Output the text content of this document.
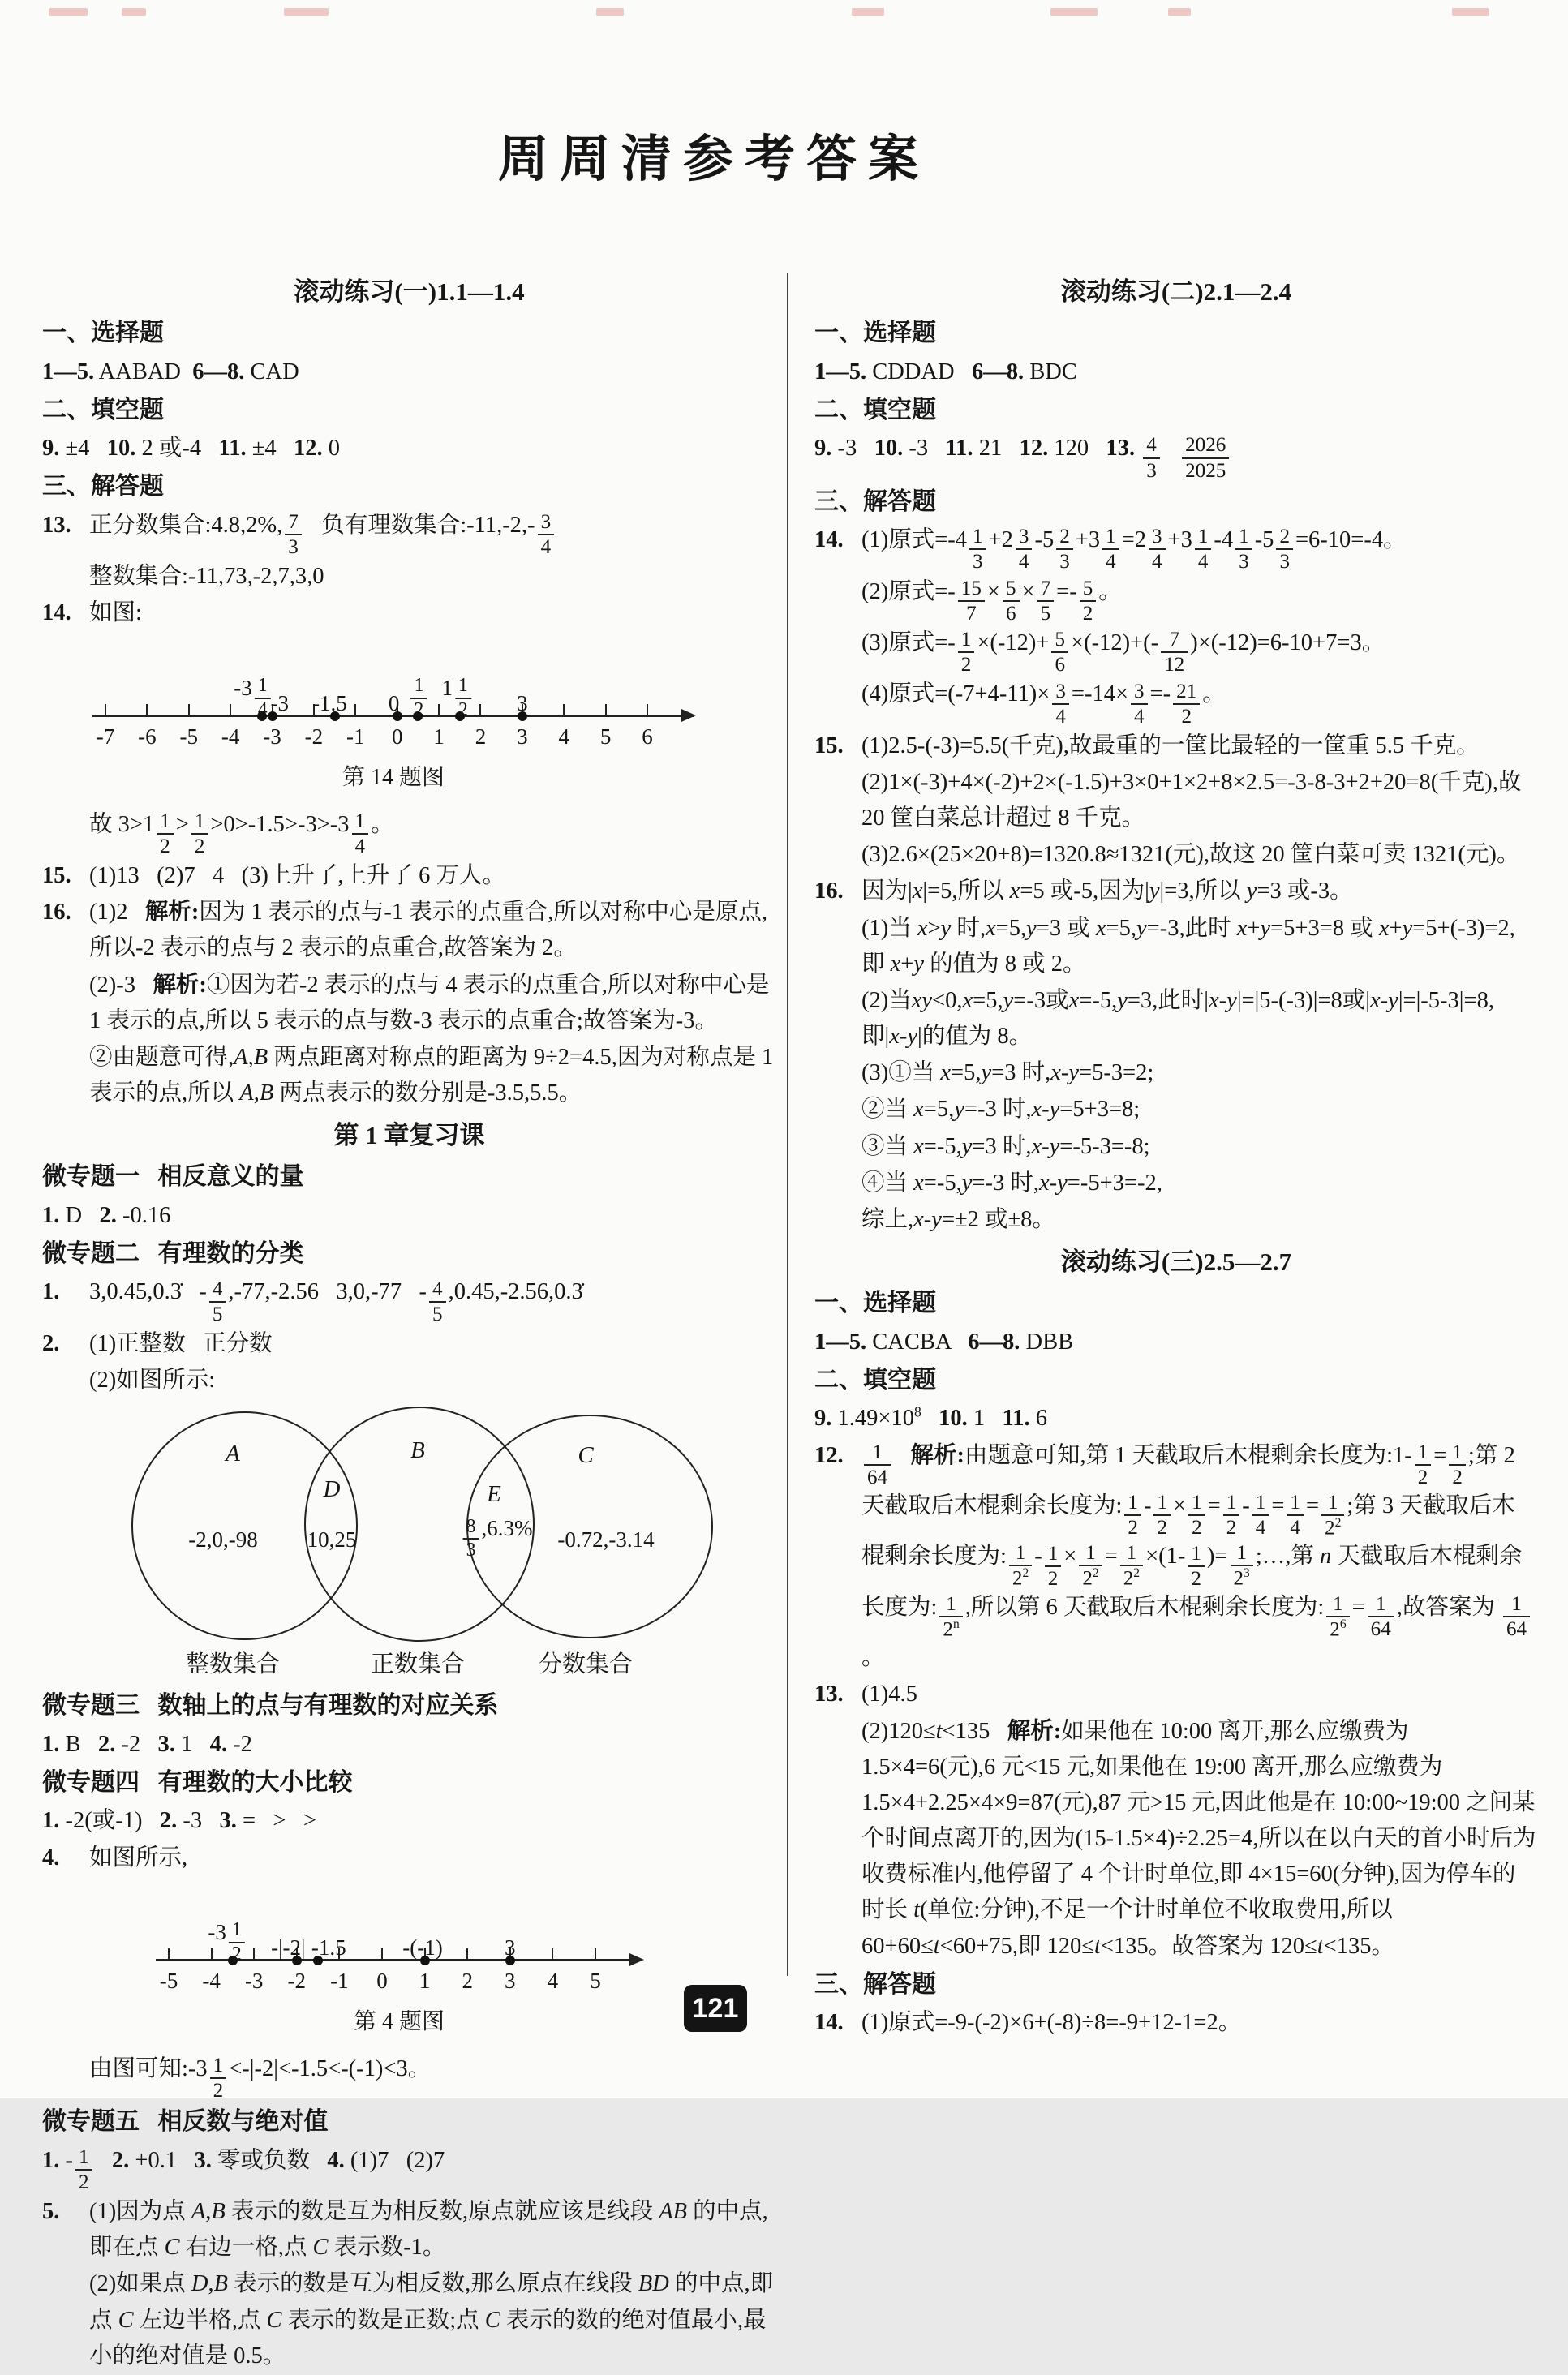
周周清参考答案
滚动练习(一)1.1—1.4
一、选择题
1—5. AABAD  6—8. CAD
二、填空题
9. ±4   10. 2 或-4   11. ±4   12. 0
三、解答题
13. 正分数集合:4.8,2%, $\frac{7}{3}$ 负有理数集合:-11,-2,- $\frac{3}{4}$
整数集合:-11,73,-2,7,3,0
14. 如图:
-7 -6 -5 -4 -3 -2 -1 0 1 2 3 4 5 6
$-3 \frac{1}{4} -3$ -1.5 $0 \frac{1}{2} 1 \frac{1}{2} 3$
第 14 题图
故 $3>1 \frac{1}{2} > \frac{1}{2} >0>-1.5>-3>-3 \frac{1}{4}$ 。
15. (1)13   (2)7   4   (3)上升了,上升了 6 万人。
16. (1)2   解析:因为 1 表示的点与-1 表示的点重合,所以对称中心是原点,所以-2 表示的点与 2 表示的点重合,故答案为 2。
(2)-3   解析:①因为若-2 表示的点与 4 表示的点重合,所以对称中心是 1 表示的点,所以 5 表示的点与数-3 表示的点重合;故答案为-3。
②由题意可得,A,B 两点距离对称点的距离为 9÷2=4.5,因为对称点是 1 表示的点,所以 A,B 两点表示的数分别是-3.5,5.5。
第 1 章复习课
微专题一   相反意义的量
1. D   2. -0.16
微专题二   有理数的分类
1. 3,0.45,0.3̇   - $\frac{4}{5} ,-77,-2.56$   $3,0,-77 - \frac{4}{5}$ ,0.45,-2.56,0.3̇
2. (1)正整数   正分数
(2)如图所示:
A	B	C
D	E
-2,0,-98 10,25	$\frac{8}{3} ,6.3\%$ -0.72,-3.14
整数集合	正数集合	分数集合
微专题三   数轴上的点与有理数的对应关系
1. B   2. -2   3. 1   4. -2
微专题四   有理数的大小比较
1. -2(或-1)   2. -3   3. =   >   >
4. 如图所示,
-5 -4 -3 -2 -1 0 1 2 3 4 5
$-3 \frac{1}{2} -|-2|$ -1.5	-(-1)	3
第 4 题图
由图可知:-3 $\frac{1}{2} <-|-2|<-1.5<-(-1)<3$。
微专题五   相反数与绝对值
1. - $\frac{1}{2} 2$. +0.1   3. 零或负数   4. (1)7   (2)7
5. (1)因为点 A,B 表示的数是互为相反数,原点就应该是线段 AB 的中点,即在点 C 右边一格,点 C 表示数-1。
(2)如果点 D,B 表示的数是互为相反数,那么原点在线段 BD 的中点,即点 C 左边半格,点 C 表示的数是正数;点 C 表示的数的绝对值最小,最小的绝对值是 0.5。
滚动练习(二)2.1—2.4
一、选择题
1—5. CDDAD   6—8. BDC
二、填空题
9. -3   10. -3   11. 21   12. 120   13. $\frac{4}{3}$
$\frac{2026}{2025}$
三、解答题
14. (1)原式$=-4 \frac{1}{3} +2 \frac{3}{4} -5 \frac{2}{3} +3 \frac{1}{4} =2 \frac{3}{4} +3 \frac{1}{4} -4 \frac{1}{3} -5 \frac{2}{3} =6-10=-4$。
(2)原式=- $\frac{15}{7} \times \frac{5}{6} \times \frac{7}{5} =- \frac{5}{2}$ 。
(3)原式=- $\frac{1}{2} \times(-12)+ \frac{5}{6} \times(-12)+(- \frac{7}{12} )\times(-12)=6-10+7=3$。
(4)原式$=(-7+4-11)\times \frac{3}{4} =-14\times \frac{3}{4} =- \frac{21}{2}$ 。
15. (1)2.5-(-3)=5.5(千克),故最重的一筐比最轻的一筐重 5.5 千克。
(2)1×(-3)+4×(-2)+2×(-1.5)+3×0+1×2+8×2.5=-3-8-3+2+20=8(千克),故 20 筐白菜总计超过 8 千克。
(3)2.6×(25×20+8)=1320.8≈1321(元),故这 20 筐白菜可卖 1321(元)。
16. 因为|x|=5,所以 x=5 或-5,因为|y|=3,所以 y=3 或-3。
(1)当 x>y 时,x=5,y=3 或 x=5,y=-3,此时 x+y=5+3=8 或 x+y=5+(-3)=2,即 x+y 的值为 8 或 2。
(2)当xy<0,x=5,y=-3或x=-5,y=3,此时|x-y|=|5-(-3)|=8或|x-y|=|-5-3|=8,即|x-y|的值为 8。
(3)①当 x=5,y=3 时,x-y=5-3=2;
②当 x=5,y=-3 时,x-y=5+3=8;
③当 x=-5,y=3 时,x-y=-5-3=-8;
④当 x=-5,y=-3 时,x-y=-5+3=-2,
综上,x-y=±2 或±8。
滚动练习(三)2.5—2.7
一、选择题
1—5. CACBA   6—8. DBB
二、填空题
9. $1.49\times 10^8$ 10. 1   11. 6
12. $\frac{1}{64}$ 解析:由题意可知,第 1 天截取后木棍剩余长度为:1- $\frac{1}{2} = \frac{1}{2}$ ;第 2 天截取后木棍剩余长度为: $\frac{1}{2} - \frac{1}{2} \times \frac{1}{2} = \frac{1}{2} - \frac{1}{4} = \frac{1}{4} = \frac{1}{2^2}$ ;第 3 天截取后木棍剩余长度为: $\frac{1}{2^2} - \frac{1}{2} \times \frac{1}{2^2} = \frac{1}{2^2} \times(1- \frac{1}{2}$ )= $\frac{1}{2^3}$ ;…,第 n 天截取后木棍剩余长度为: $\frac{1}{2^n}$ ,所以第 6 天截取后木棍剩余长度为: $\frac{1}{2^6} = \frac{1}{64}$ ,故答案为 $\frac{1}{64}$
。
13. (1)4.5
(2)120≤t<135   解析:如果他在 10:00 离开,那么应缴费为 1.5×4=6(元),6 元<15 元,如果他在 19:00 离开,那么应缴费为 1.5×4+2.25×4×9=87(元),87 元>15 元,因此他是在 10:00~19:00 之间某个时间点离开的,因为(15-1.5×4)÷2.25=4,所以在以白天的首小时后为收费标准内,他停留了 4 个计时单位,即 4×15=60(分钟),因为停车的时长 t(单位:分钟),不足一个计时单位不收取费用,所以 60+60≤t<60+75,即 120≤t<135。故答案为 120≤t<135。
三、解答题
14. (1)原式=-9-(-2)×6+(-8)÷8=-9+12-1=2。
121
